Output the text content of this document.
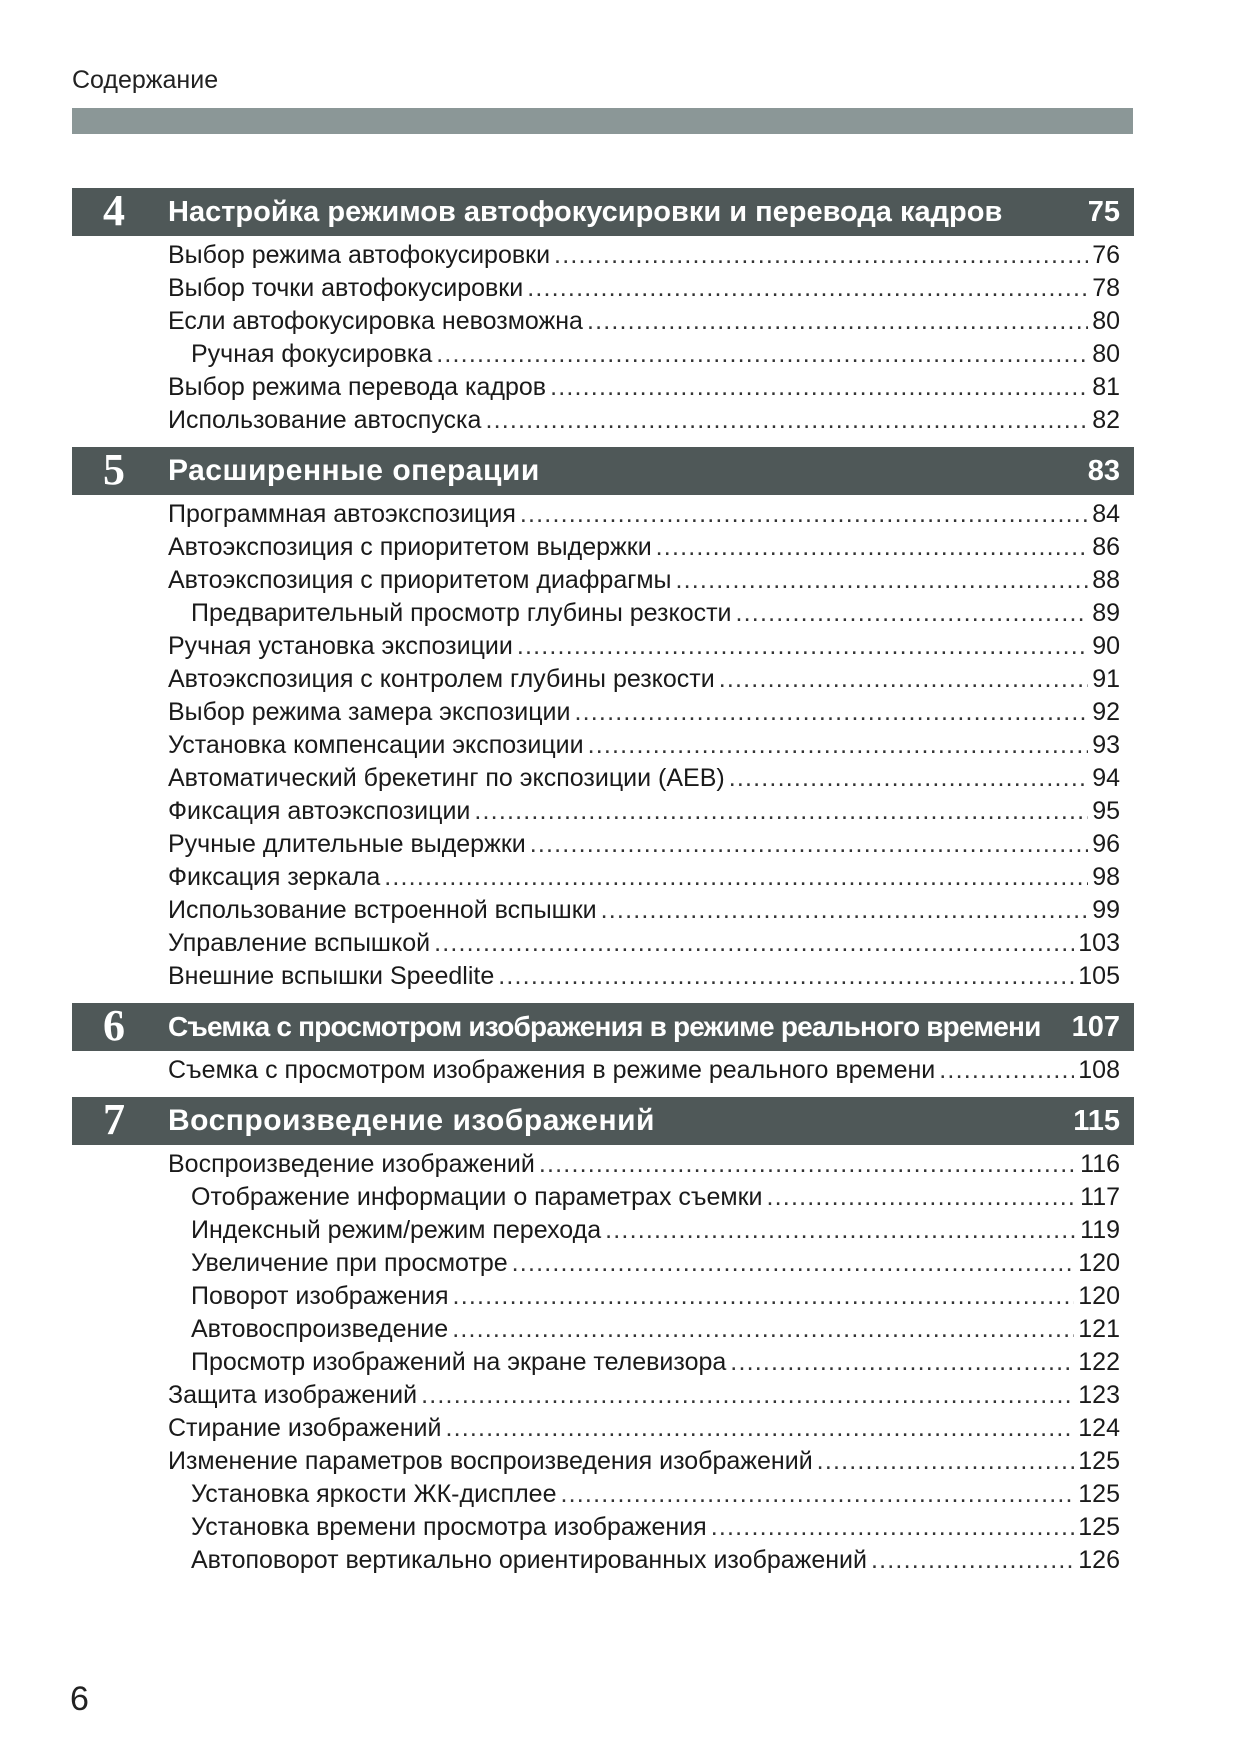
Содержание
4	Настройка режимов автофокусировки и перевода кадров	75
Выбор режима автофокусировки .....	76
Выбор точки автофокусировки .....	78
Если автофокусировка невозможна .....	80
Ручная фокусировка .....	80
Выбор режима перевода кадров .....	81
Использование автоспуска .....	82
5	Расширенные операции	83
Программная автоэкспозиция .....	84
Автоэкспозиция с приоритетом выдержки .....	86
Автоэкспозиция с приоритетом диафрагмы .....	88
Предварительный просмотр глубины резкости .....	89
Ручная установка экспозиции .....	90
Автоэкспозиция с контролем глубины резкости .....	91
Выбор режима замера экспозиции .....	92
Установка компенсации экспозиции .....	93
Автоматический брекетинг по экспозиции (AEB) .....	94
Фиксация автоэкспозиции .....	95
Ручные длительные выдержки .....	96
Фиксация зеркала .....	98
Использование встроенной вспышки .....	99
Управление вспышкой .....	103
Внешние вспышки Speedlite .....	105
6	Съемка с просмотром изображения в режиме реального времени 107
Съемка с просмотром изображения в режиме реального времени .....	108
7	Воспроизведение изображений	115
Воспроизведение изображений .....	116
Отображение информации о параметрах съемки .....	117
Индексный режим/режим перехода .....	119
Увеличение при просмотре .....	120
Поворот изображения .....	120
Автовоспроизведение .....	121
Просмотр изображений на экране телевизора .....	122
Защита изображений .....	123
Стирание изображений .....	124
Изменение параметров воспроизведения изображений .....	125
Установка яркости ЖК-дисплее .....	125
Установка времени просмотра изображения .....	125
Автоповорот вертикально ориентированных изображений .....	126
6
